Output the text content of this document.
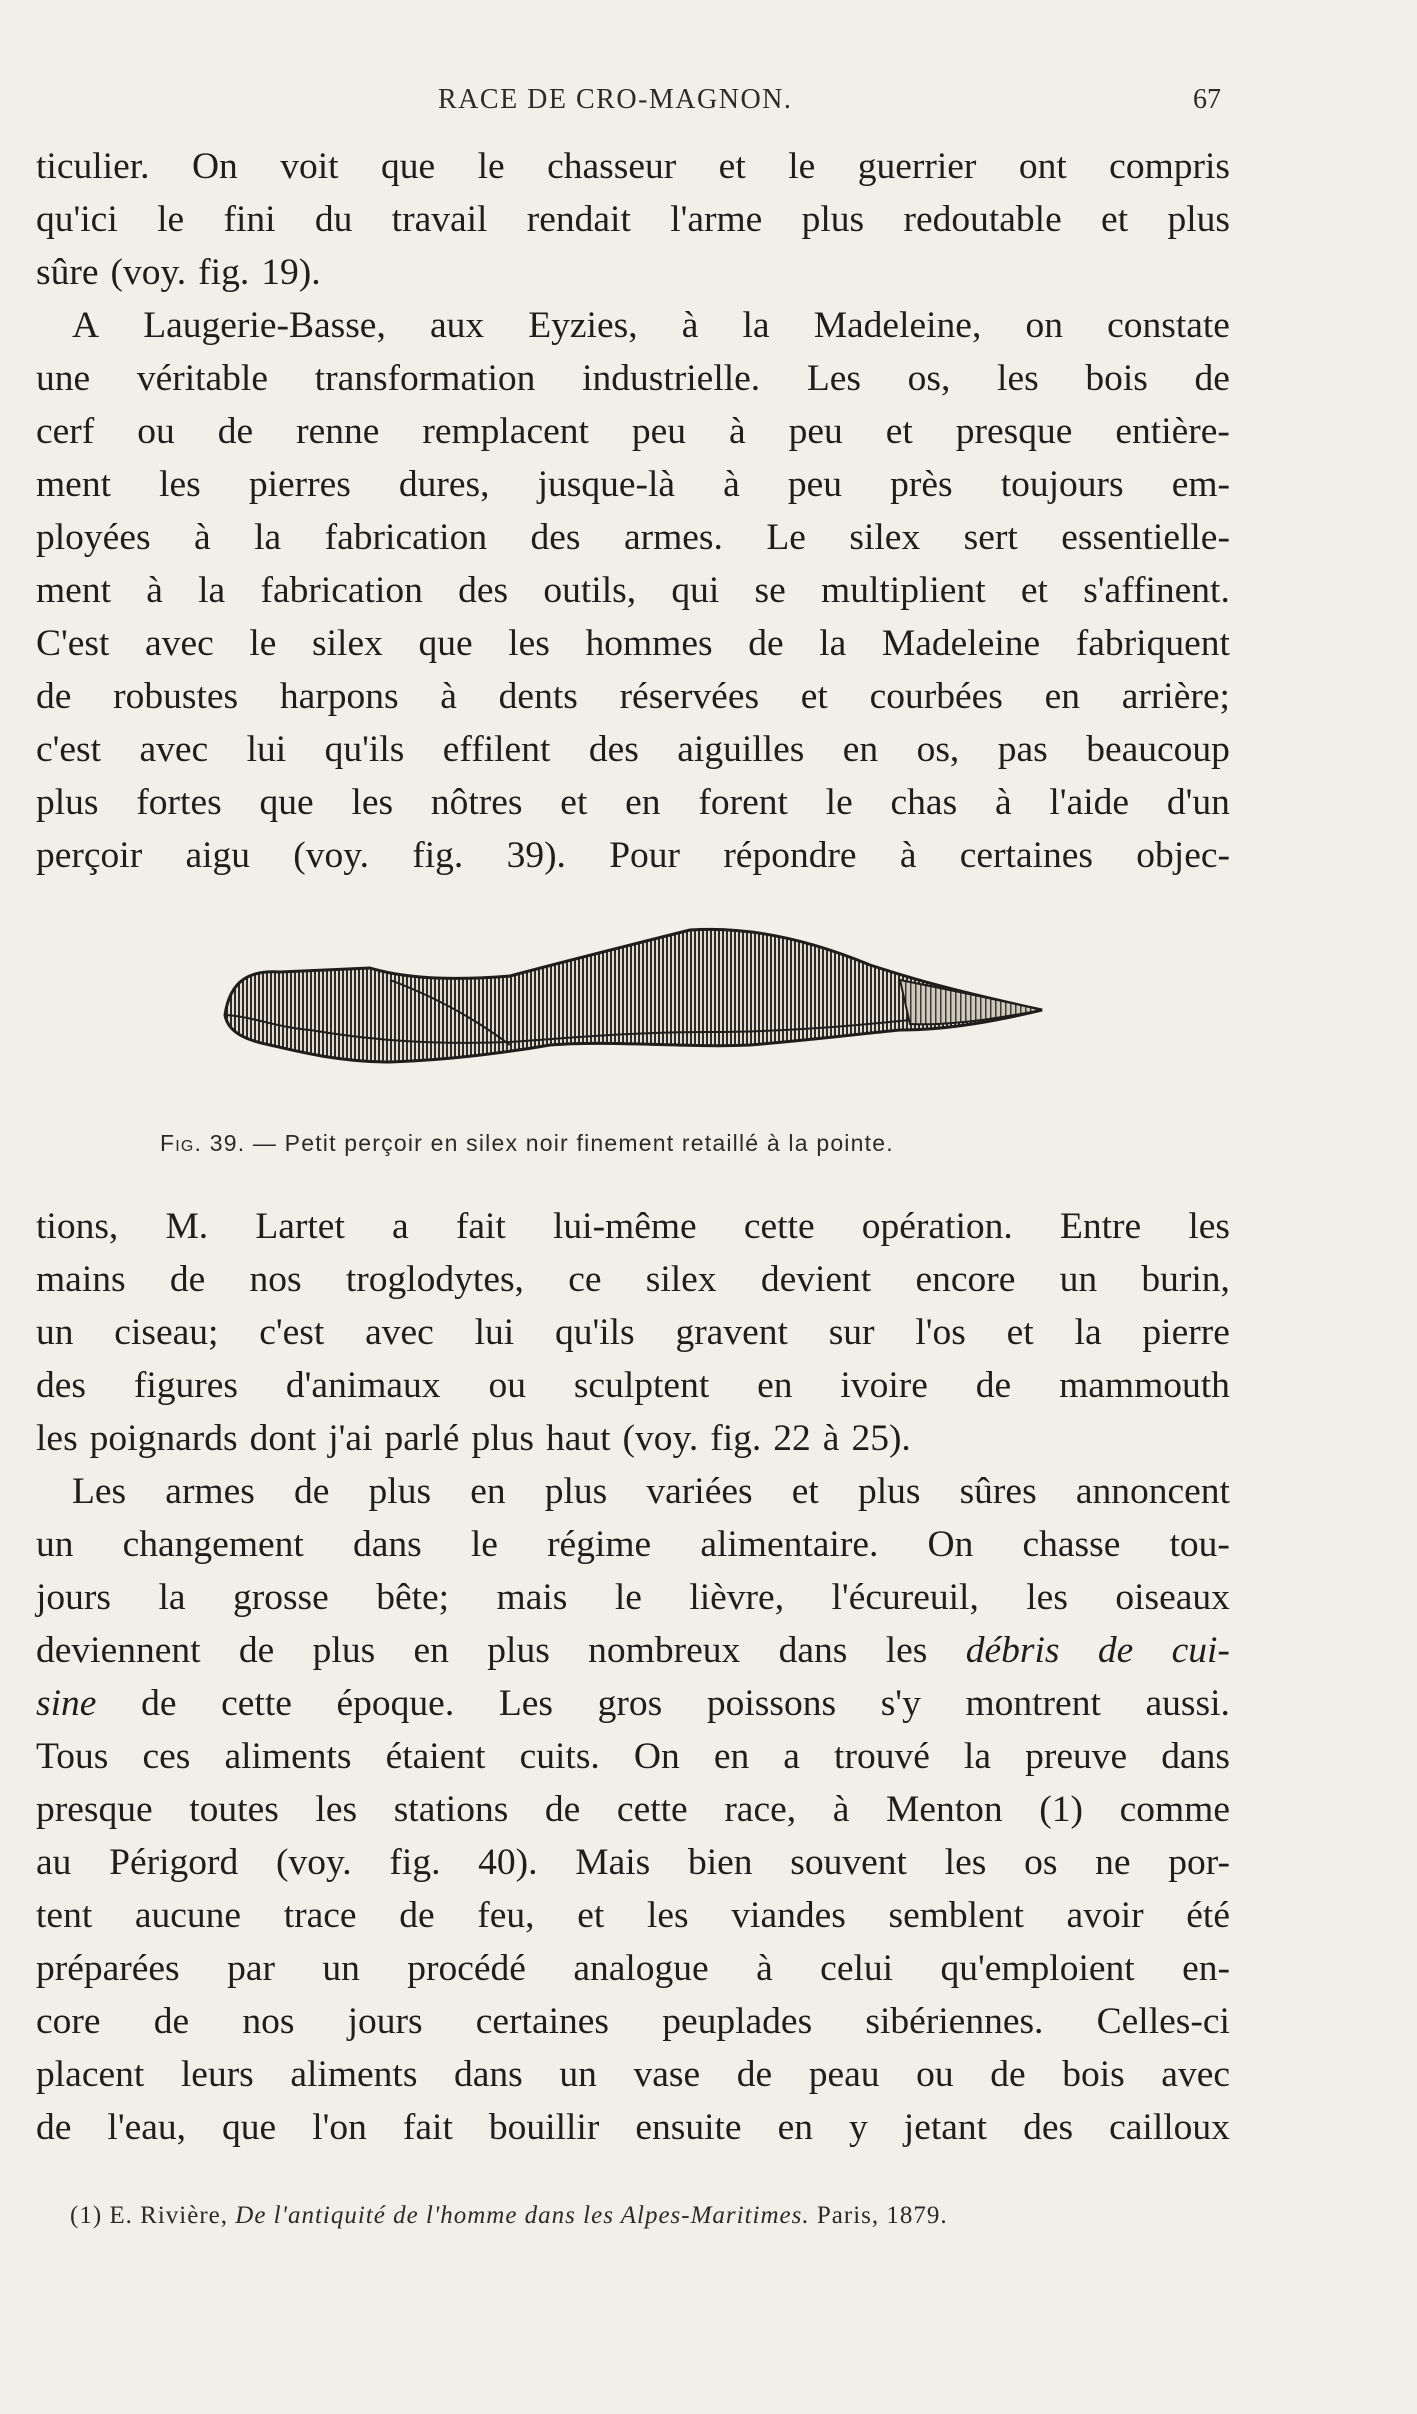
RACE DE CRO-MAGNON.	67
ticulier. On voit que le chasseur et le guerrier ont compris
qu'ici le fini du travail rendait l'arme plus redoutable et plus
sûre (voy. fig. 19).
A Laugerie-Basse, aux Eyzies, à la Madeleine, on constate
une véritable transformation industrielle. Les os, les bois de
cerf ou de renne remplacent peu à peu et presque entière-
ment les pierres dures, jusque-là à peu près toujours em-
ployées à la fabrication des armes. Le silex sert essentielle-
ment à la fabrication des outils, qui se multiplient et s'affinent.
C'est avec le silex que les hommes de la Madeleine fabriquent
de robustes harpons à dents réservées et courbées en arrière;
c'est avec lui qu'ils effilent des aiguilles en os, pas beaucoup
plus fortes que les nôtres et en forent le chas à l'aide d'un
perçoir aigu (voy. fig. 39). Pour répondre à certaines objec-
Fig. 39. — Petit perçoir en silex noir finement retaillé à la pointe.
tions, M. Lartet a fait lui-même cette opération. Entre les
mains de nos troglodytes, ce silex devient encore un burin,
un ciseau; c'est avec lui qu'ils gravent sur l'os et la pierre
des figures d'animaux ou sculptent en ivoire de mammouth
les poignards dont j'ai parlé plus haut (voy. fig. 22 à 25).
Les armes de plus en plus variées et plus sûres annoncent
un changement dans le régime alimentaire. On chasse tou-
jours la grosse bête; mais le lièvre, l'écureuil, les oiseaux
deviennent de plus en plus nombreux dans les débris de cui-
sine de cette époque. Les gros poissons s'y montrent aussi.
Tous ces aliments étaient cuits. On en a trouvé la preuve dans
presque toutes les stations de cette race, à Menton (1) comme
au Périgord (voy. fig. 40). Mais bien souvent les os ne por-
tent aucune trace de feu, et les viandes semblent avoir été
préparées par un procédé analogue à celui qu'emploient en-
core de nos jours certaines peuplades sibériennes. Celles-ci
placent leurs aliments dans un vase de peau ou de bois avec
de l'eau, que l'on fait bouillir ensuite en y jetant des cailloux
(1) E. Rivière, De l'antiquité de l'homme dans les Alpes-Maritimes. Paris, 1879.
